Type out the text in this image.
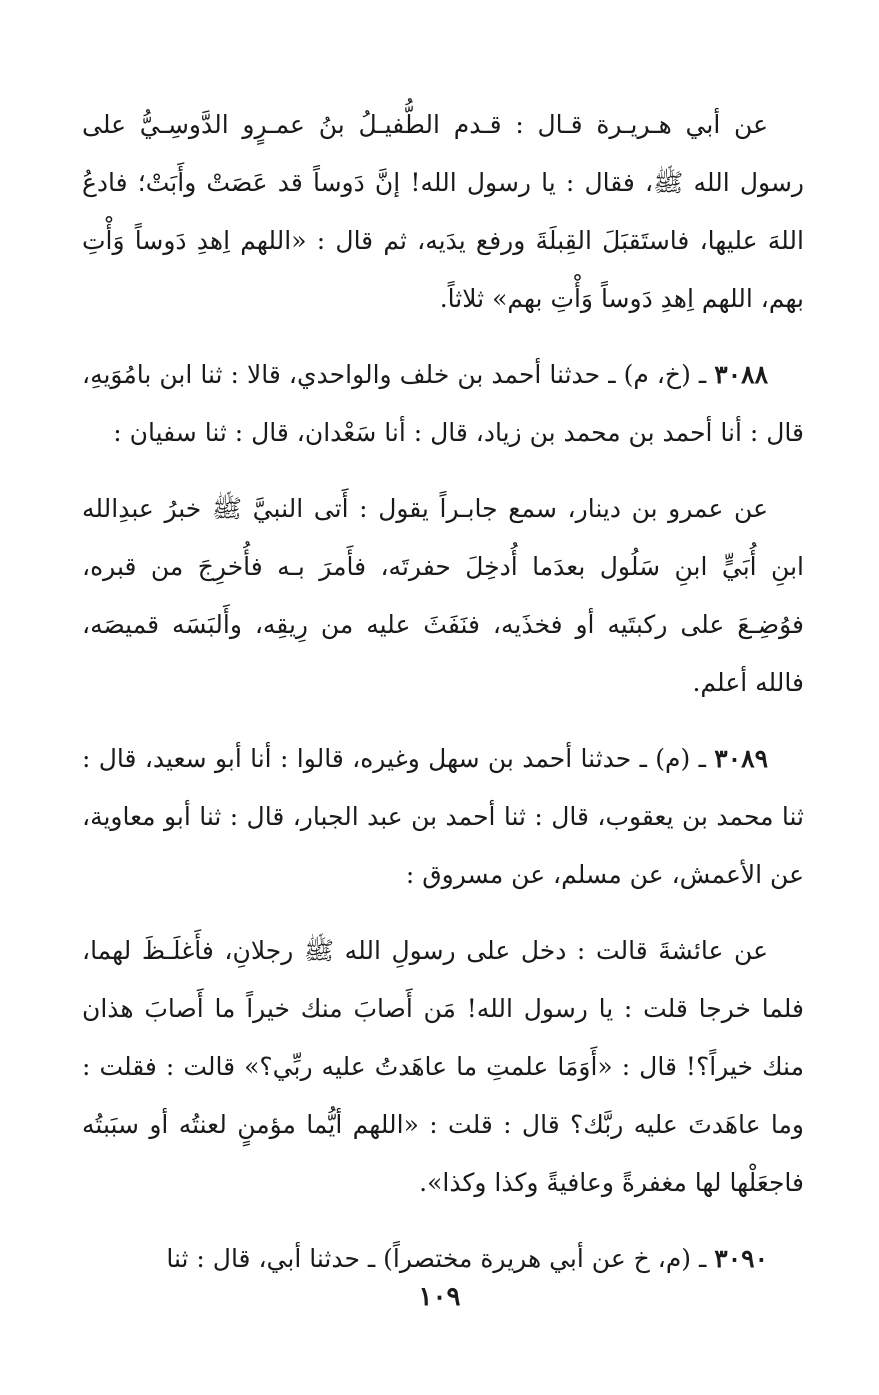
عن أبي هـريـرة قـال : قـدم الطُّفيـلُ بنُ عمـرٍو الدَّوسِـيُّ على رسول الله ﷺ، فقال : يا رسول الله! إنَّ دَوساً قد عَصَتْ وأَبَتْ؛ فادعُ اللهَ عليها، فاستَقبَلَ القِبلَةَ ورفع يدَيه، ثم قال : «اللهم اِهدِ دَوساً وَأْتِ بهم، اللهم اِهدِ دَوساً وَأْتِ بهم» ثلاثاً.

٣٠٨٨ ـ (خ، م) ـ حدثنا أحمد بن خلف والواحدي، قالا : ثنا ابن بامُوَيهِ، قال : أنا أحمد بن محمد بن زياد، قال : أنا سَعْدان، قال : ثنا سفيان :

عن عمرو بن دينار، سمع جابـراً يقول : أَتى النبيَّ ﷺ خبرُ عبدِالله ابنِ أُبَيٍّ ابنِ سَلُول بعدَما أُدخِلَ حفرتَه، فأَمرَ بـه فأُخرِجَ من قبره، فوُضِـعَ على ركبتَيه أو فخذَيه، فنَفَثَ عليه من رِيقِه، وأَلبَسَه قميصَه، فالله أعلم.

٣٠٨٩ ـ (م) ـ حدثنا أحمد بن سهل وغيره، قالوا : أنا أبو سعيد، قال : ثنا محمد بن يعقوب، قال : ثنا أحمد بن عبد الجبار، قال : ثنا أبو معاوية، عن الأعمش، عن مسلم، عن مسروق :

عن عائشةَ قالت : دخل على رسولِ الله ﷺ رجلانِ، فأَغلَـظَ لهما، فلما خرجا قلت : يا رسول الله! مَن أَصابَ منك خيراً ما أَصابَ هذان منك خيراً؟! قال : «أَوَمَا علمتِ ما عاهَدتُ عليه ربِّي؟» قالت : فقلت : وما عاهَدتَ عليه ربَّك؟ قال : قلت : «اللهم أيُّما مؤمنٍ لعنتُه أو سبَبتُه فاجعَلْها لها مغفرةً وعافيةً وكذا وكذا».

٣٠٩٠ ـ (م، خ عن أبي هريرة مختصراً) ـ حدثنا أبي، قال : ثنا

١٠٩
